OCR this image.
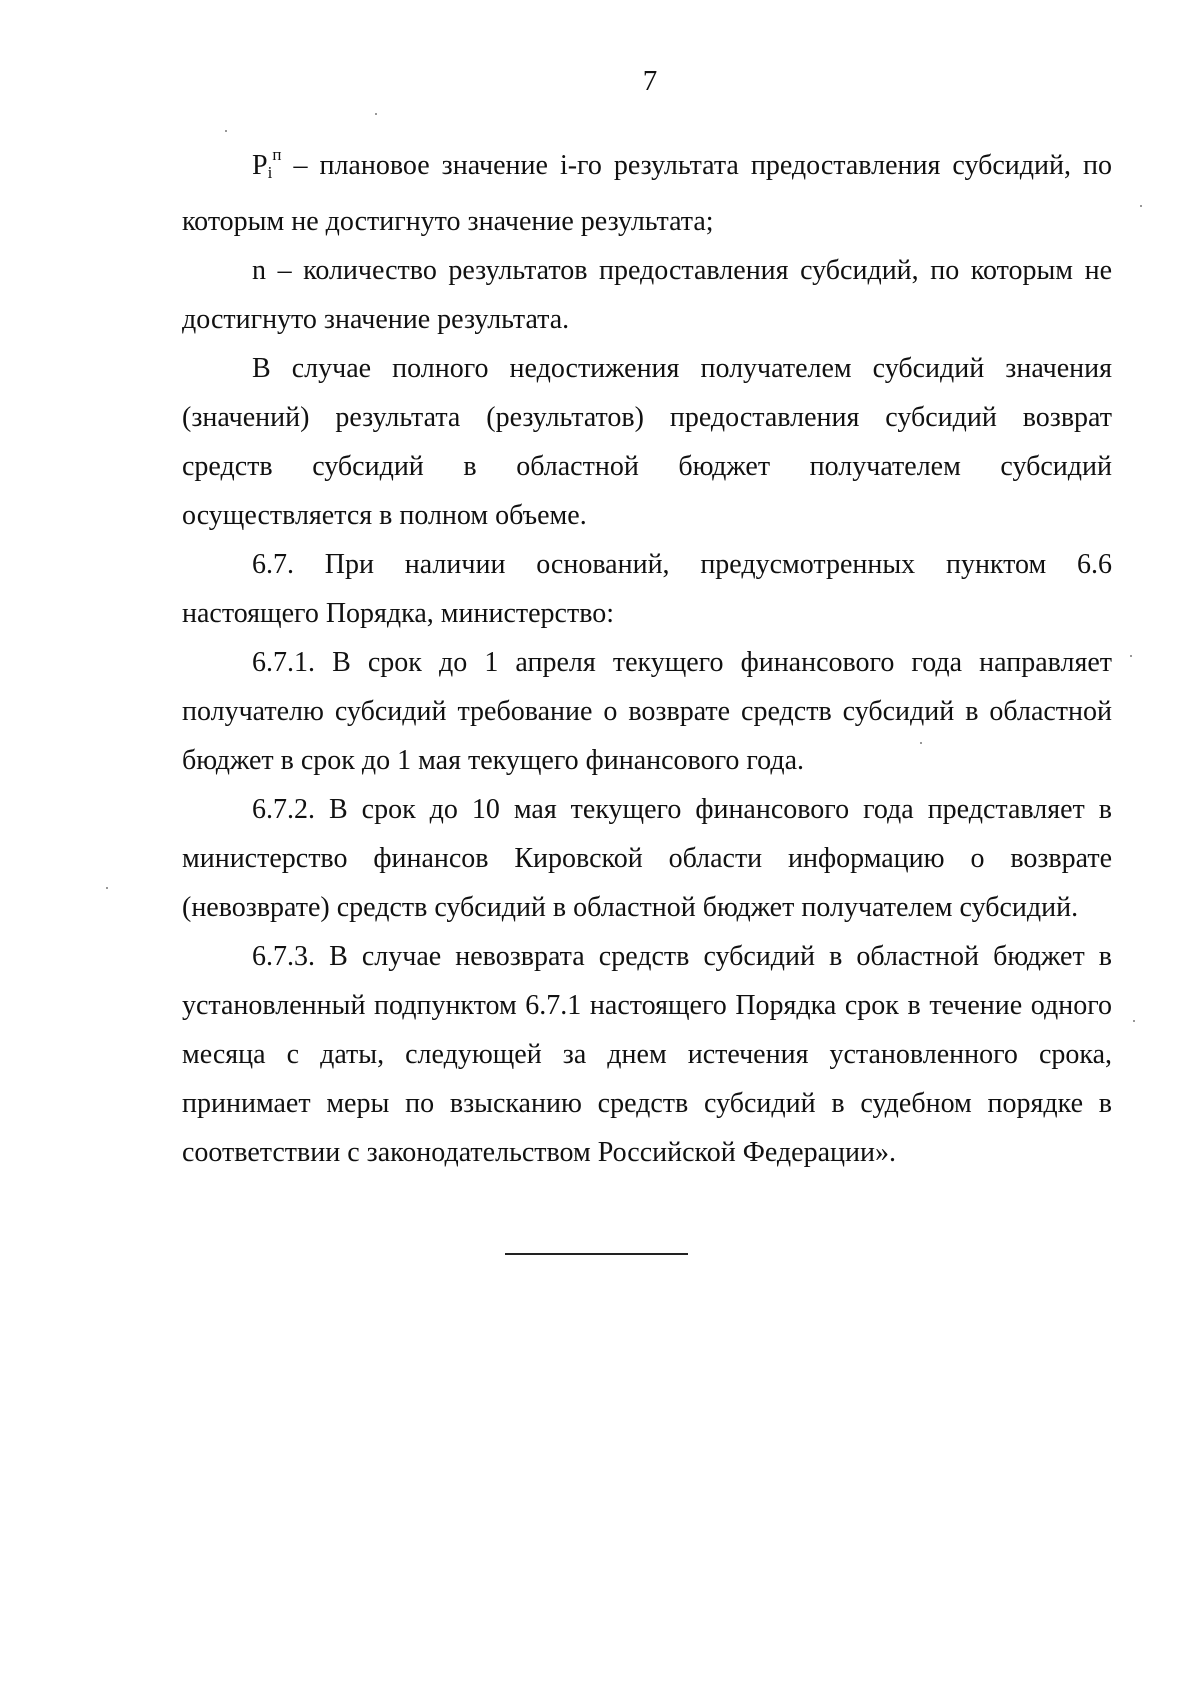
7

$P_i^п$ – плановое значение i-го результата предоставления субсидий, по которым не достигнуто значение результата;

n – количество результатов предоставления субсидий, по которым не достигнуто значение результата.

В случае полного недостижения получателем субсидий значения (значений) результата (результатов) предоставления субсидий возврат средств субсидий в областной бюджет получателем субсидий осуществляется в полном объеме.

6.7. При наличии оснований, предусмотренных пунктом 6.6 настоящего Порядка, министерство:

6.7.1. В срок до 1 апреля текущего финансового года направляет получателю субсидий требование о возврате средств субсидий в областной бюджет в срок до 1 мая текущего финансового года.

6.7.2. В срок до 10 мая текущего финансового года представляет в министерство финансов Кировской области информацию о возврате (невозврате) средств субсидий в областной бюджет получателем субсидий.

6.7.3. В случае невозврата средств субсидий в областной бюджет в установленный подпунктом 6.7.1 настоящего Порядка срок в течение одного месяца с даты, следующей за днем истечения установленного срока, принимает меры по взысканию средств субсидий в судебном порядке в соответствии с законодательством Российской Федерации».
